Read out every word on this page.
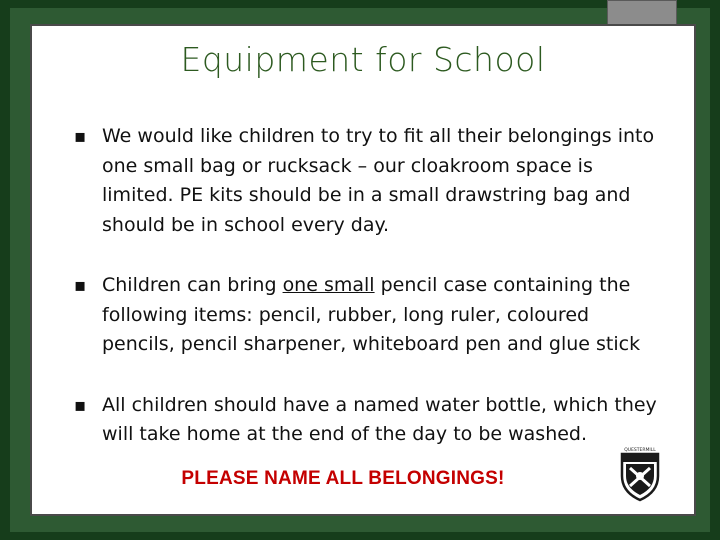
Equipment for School
▪ We would like children to try to fit all their belongings into one small bag or rucksack – our cloakroom space is limited. PE kits should be in a small drawstring bag and should be in school every day.
▪ Children can bring one small pencil case containing the following items: pencil, rubber, long ruler, coloured pencils, pencil sharpener, whiteboard pen and glue stick
▪ All children should have a named water bottle, which they will take home at the end of the day to be washed.
PLEASE NAME ALL BELONGINGS!
QUESTERMILL
